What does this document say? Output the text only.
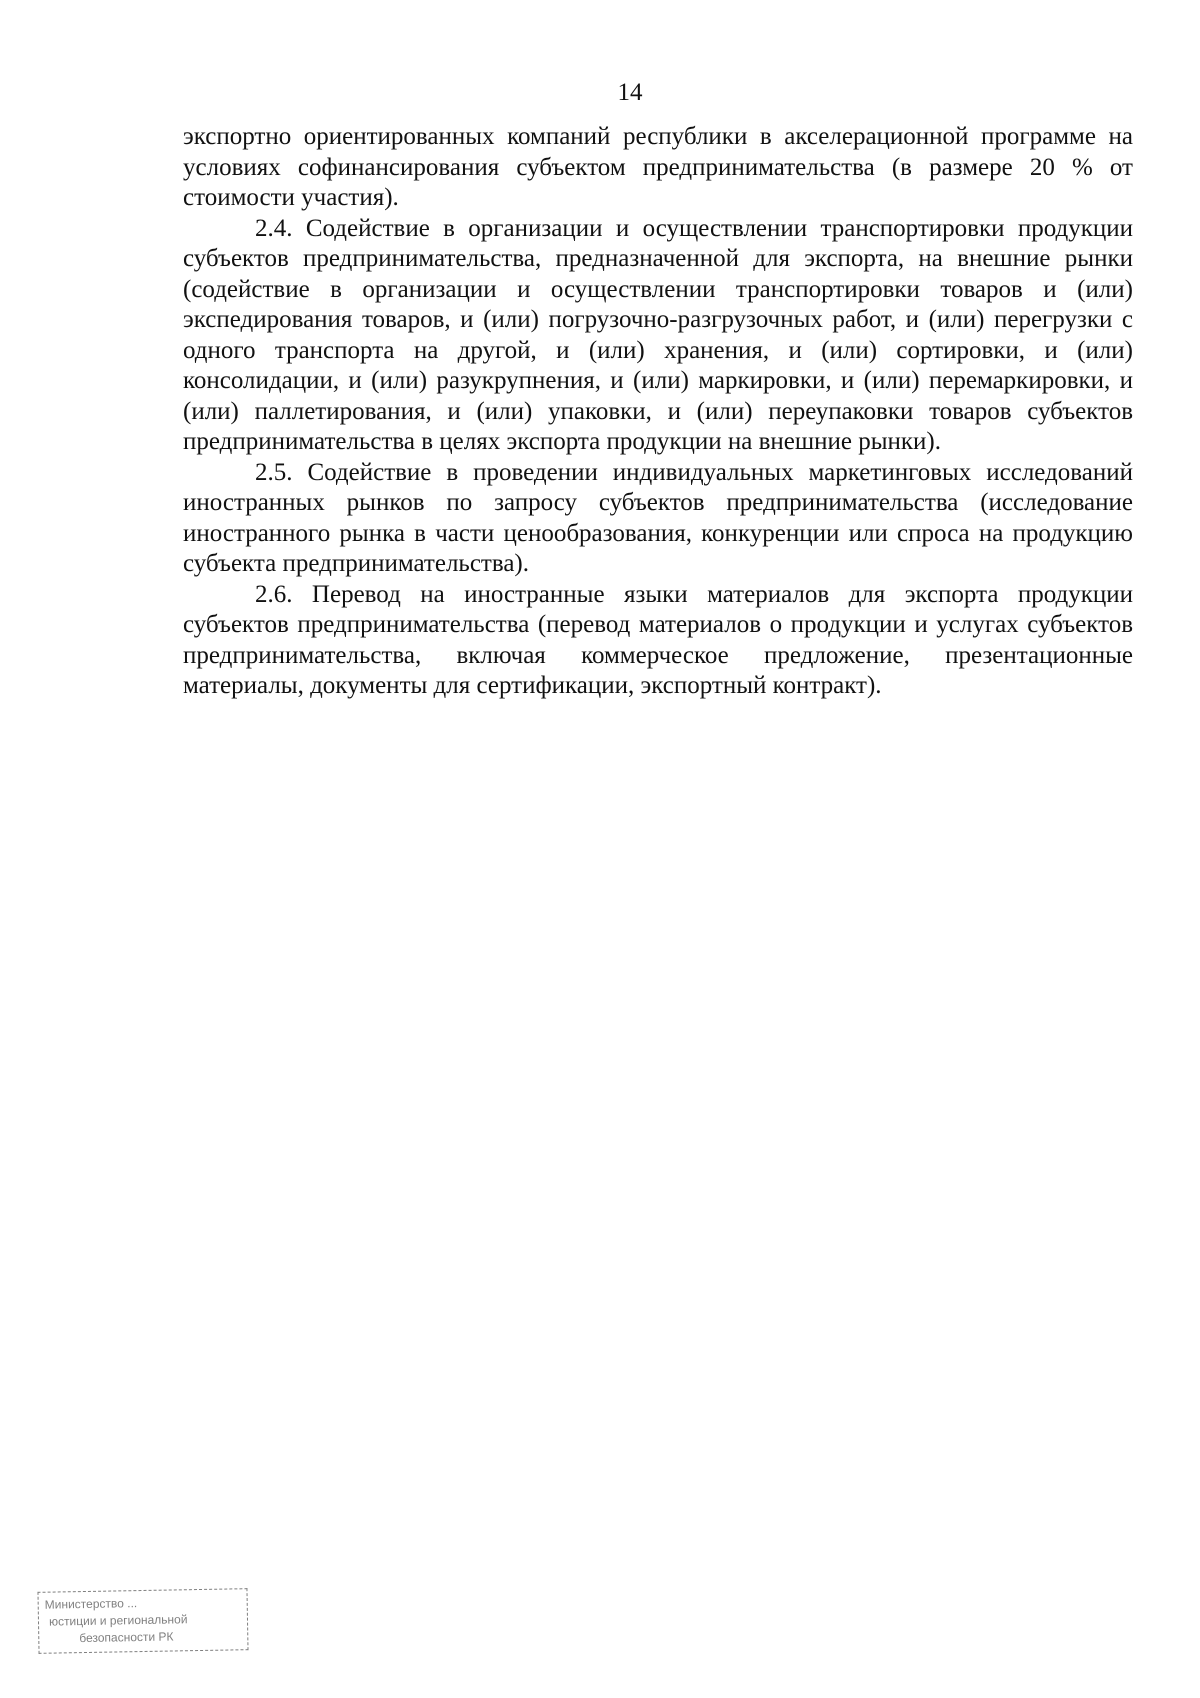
14

экспортно ориентированных компаний республики в акселерационной программе на условиях софинансирования субъектом предпринимательства (в размере 20 % от стоимости участия).

2.4. Содействие в организации и осуществлении транспортировки продукции субъектов предпринимательства, предназначенной для экспорта, на внешние рынки (содействие в организации и осуществлении транспортировки товаров и (или) экспедирования товаров, и (или) погрузочно-разгрузочных работ, и (или) перегрузки с одного транспорта на другой, и (или) хранения, и (или) сортировки, и (или) консолидации, и (или) разукрупнения, и (или) маркировки, и (или) перемаркировки, и (или) паллетирования, и (или) упаковки, и (или) переупаковки товаров субъектов предпринимательства в целях экспорта продукции на внешние рынки).

2.5. Содействие в проведении индивидуальных маркетинговых исследований иностранных рынков по запросу субъектов предпринимательства (исследование иностранного рынка в части ценообразования, конкуренции или спроса на продукцию субъекта предпринимательства).

2.6. Перевод на иностранные языки материалов для экспорта продукции субъектов предпринимательства (перевод материалов о продукции и услугах субъектов предпринимательства, включая коммерческое предложение, презентационные материалы, документы для сертификации, экспортный контракт).

Министерство ...
юстиции и региональной
безопасности РК
